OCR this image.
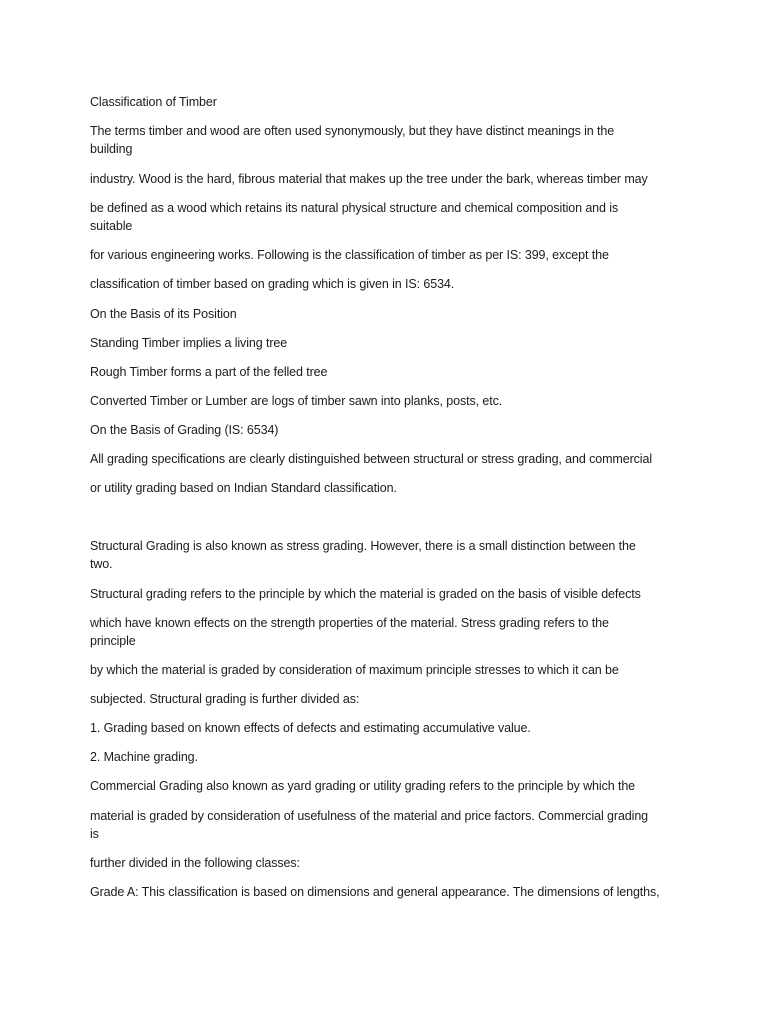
Classification of Timber
The terms timber and wood are often used synonymously, but they have distinct meanings in the
building
industry. Wood is the hard, fibrous material that makes up the tree under the bark, whereas timber may
be defined as a wood which retains its natural physical structure and chemical composition and is
suitable
for various engineering works. Following is the classification of timber as per IS: 399, except the
classification of timber based on grading which is given in IS: 6534.
On the Basis of its Position
Standing Timber implies a living tree
Rough Timber forms a part of the felled tree
Converted Timber or Lumber are logs of timber sawn into planks, posts, etc.
On the Basis of Grading (IS: 6534)
All grading specifications are clearly distinguished between structural or stress grading, and commercial
or utility grading based on Indian Standard classification.
Structural Grading is also known as stress grading. However, there is a small distinction between the
two.
Structural grading refers to the principle by which the material is graded on the basis of visible defects
which have known effects on the strength properties of the material. Stress grading refers to the
principle
by which the material is graded by consideration of maximum principle stresses to which it can be
subjected. Structural grading is further divided as:
1. Grading based on known effects of defects and estimating accumulative value.
2. Machine grading.
Commercial Grading also known as yard grading or utility grading refers to the principle by which the
material is graded by consideration of usefulness of the material and price factors. Commercial grading
is
further divided in the following classes:
Grade A: This classification is based on dimensions and general appearance. The dimensions of lengths,
